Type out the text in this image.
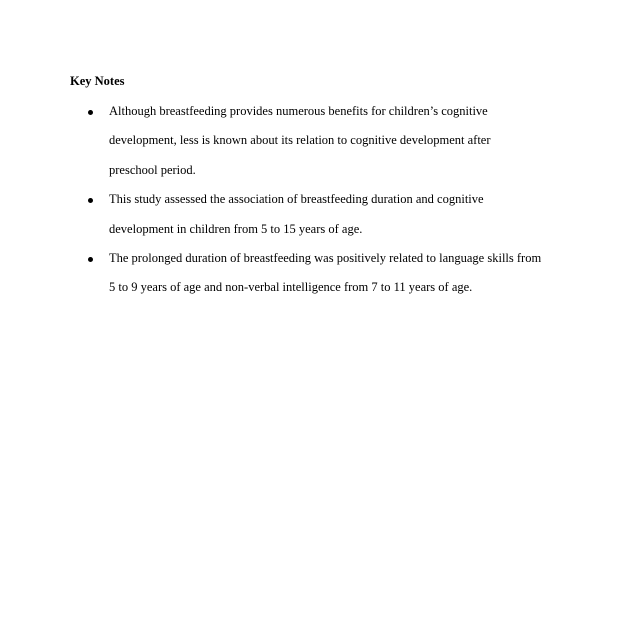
Key Notes
Although breastfeeding provides numerous benefits for children’s cognitive
development, less is known about its relation to cognitive development after
preschool period.
This study assessed the association of breastfeeding duration and cognitive
development in children from 5 to 15 years of age.
The prolonged duration of breastfeeding was positively related to language skills from
5 to 9 years of age and non-verbal intelligence from 7 to 11 years of age.
